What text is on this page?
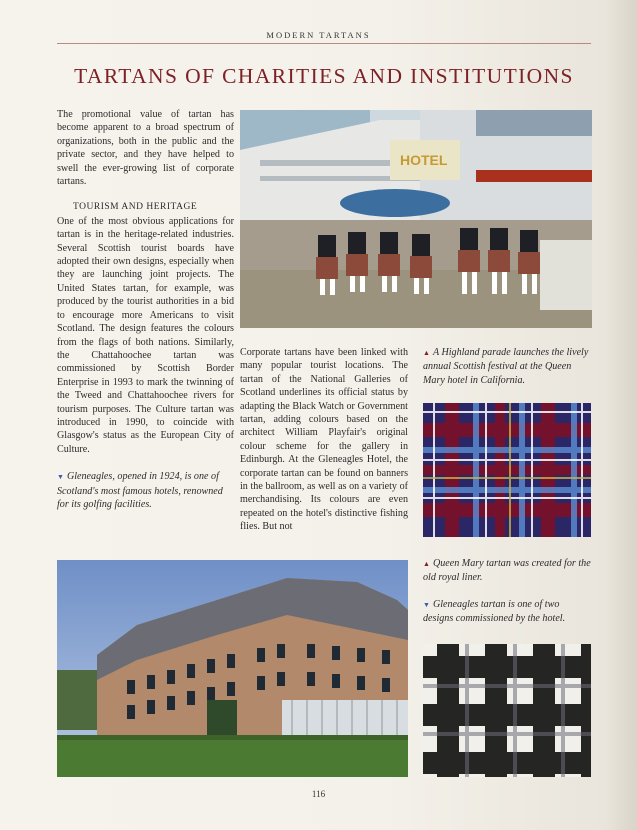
MODERN TARTANS
TARTANS OF CHARITIES AND INSTITUTIONS

The promotional value of tartan has become apparent to a broad spectrum of organizations, both in the public and the private sector, and they have helped to swell the ever-growing list of corporate tartans.

TOURISM AND HERITAGE

One of the most obvious applications for tartan is in the heritage-related industries. Several Scottish tourist boards have adopted their own designs, especially when they are launching joint projects. The United States tartan, for example, was produced by the tourist authorities in a bid to encourage more Americans to visit Scotland. The design features the colours from the flags of both nations. Similarly, the Chattahoochee tartan was commissioned by Scottish Border Enterprise in 1993 to mark the twinning of the Tweed and Chattahoochee rivers for tourism purposes. The Culture tartan was introduced in 1990, to coincide with Glasgow's status as the European City of Culture.

▼ Gleneagles, opened in 1924, is one of Scotland's most famous hotels, renowned for its golfing facilities.

Corporate tartans have been linked with many popular tourist locations. The tartan of the National Galleries of Scotland underlines its official status by adapting the Black Watch or Government tartan, adding colours based on the architect William Playfair's original colour scheme for the gallery in Edinburgh. At the Gleneagles Hotel, the corporate tartan can be found on banners in the ballroom, as well as on a variety of merchandising. Its colours are even repeated on the hotel's distinctive fishing flies. But not

▲ A Highland parade launches the lively annual Scottish festival at the Queen Mary hotel in California.
▲ Queen Mary tartan was created for the old royal liner.
▼ Gleneagles tartan is one of two designs commissioned by the hotel.
HOTEL
116
